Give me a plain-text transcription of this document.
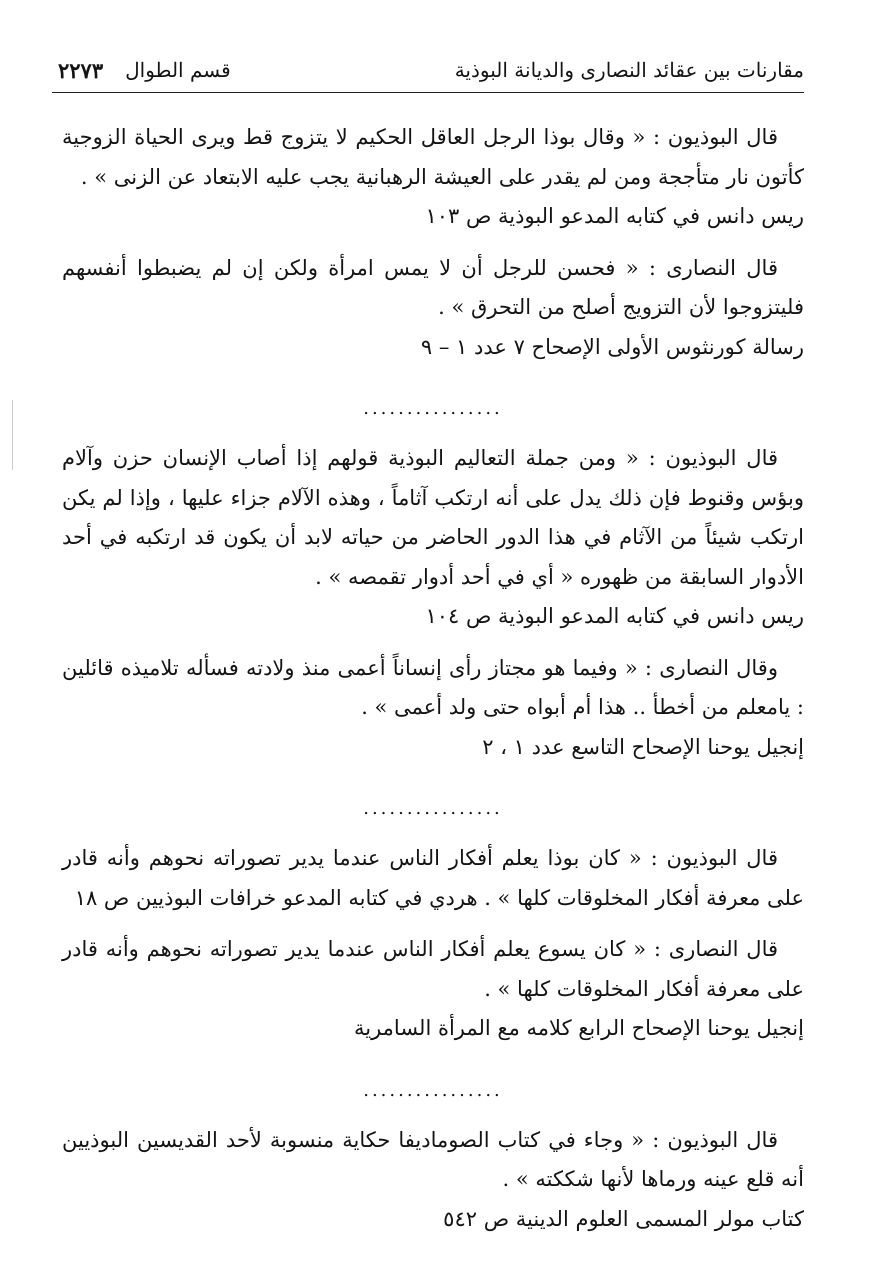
مقارنات بين عقائد النصارى والديانة البوذية
قسم الطوال
٢٢٧٣

قال البوذيون : « وقال بوذا الرجل العاقل الحكيم لا يتزوج قط ويرى الحياة الزوجية كأتون نار متأججة ومن لم يقدر على العيشة الرهبانية يجب عليه الابتعاد عن الزنى » .

ريس دانس في كتابه المدعو البوذية ص ١٠٣

قال النصارى : « فحسن للرجل أن لا يمس امرأة ولكن إن لم يضبطوا أنفسهم فليتزوجوا لأن التزويج أصلح من التحرق » .

رسالة كورنثوس الأولى الإصحاح ٧ عدد ١ – ٩

................

قال البوذيون : « ومن جملة التعاليم البوذية قولهم إذا أصاب الإنسان حزن وآلام وبؤس وقنوط فإن ذلك يدل على أنه ارتكب آثاماً ، وهذه الآلام جزاء عليها ، وإذا لم يكن ارتكب شيئاً من الآثام في هذا الدور الحاضر من حياته لابد أن يكون قد ارتكبه في أحد الأدوار السابقة من ظهوره « أي في أحد أدوار تقمصه » .

ريس دانس في كتابه المدعو البوذية ص ١٠٤

وقال النصارى : « وفيما هو مجتاز رأى إنساناً أعمى منذ ولادته فسأله تلاميذه قائلين : يامعلم من أخطأ .. هذا أم أبواه حتى ولد أعمى » .

إنجيل يوحنا الإصحاح التاسع عدد ١ ، ٢

................

قال البوذيون : « كان بوذا يعلم أفكار الناس عندما يدير تصوراته نحوهم وأنه قادر على معرفة أفكار المخلوقات كلها » . هردي في كتابه المدعو خرافات البوذيين ص ١٨

قال النصارى : « كان يسوع يعلم أفكار الناس عندما يدير تصوراته نحوهم وأنه قادر على معرفة أفكار المخلوقات كلها » .

إنجيل يوحنا الإصحاح الرابع كلامه مع المرأة السامرية

................

قال البوذيون : « وجاء في كتاب الصومادیفا حكاية منسوبة لأحد القديسين البوذيين أنه قلع عينه ورماها لأنها شككته » .

كتاب مولر المسمى العلوم الدينية ص ٥٤٢
